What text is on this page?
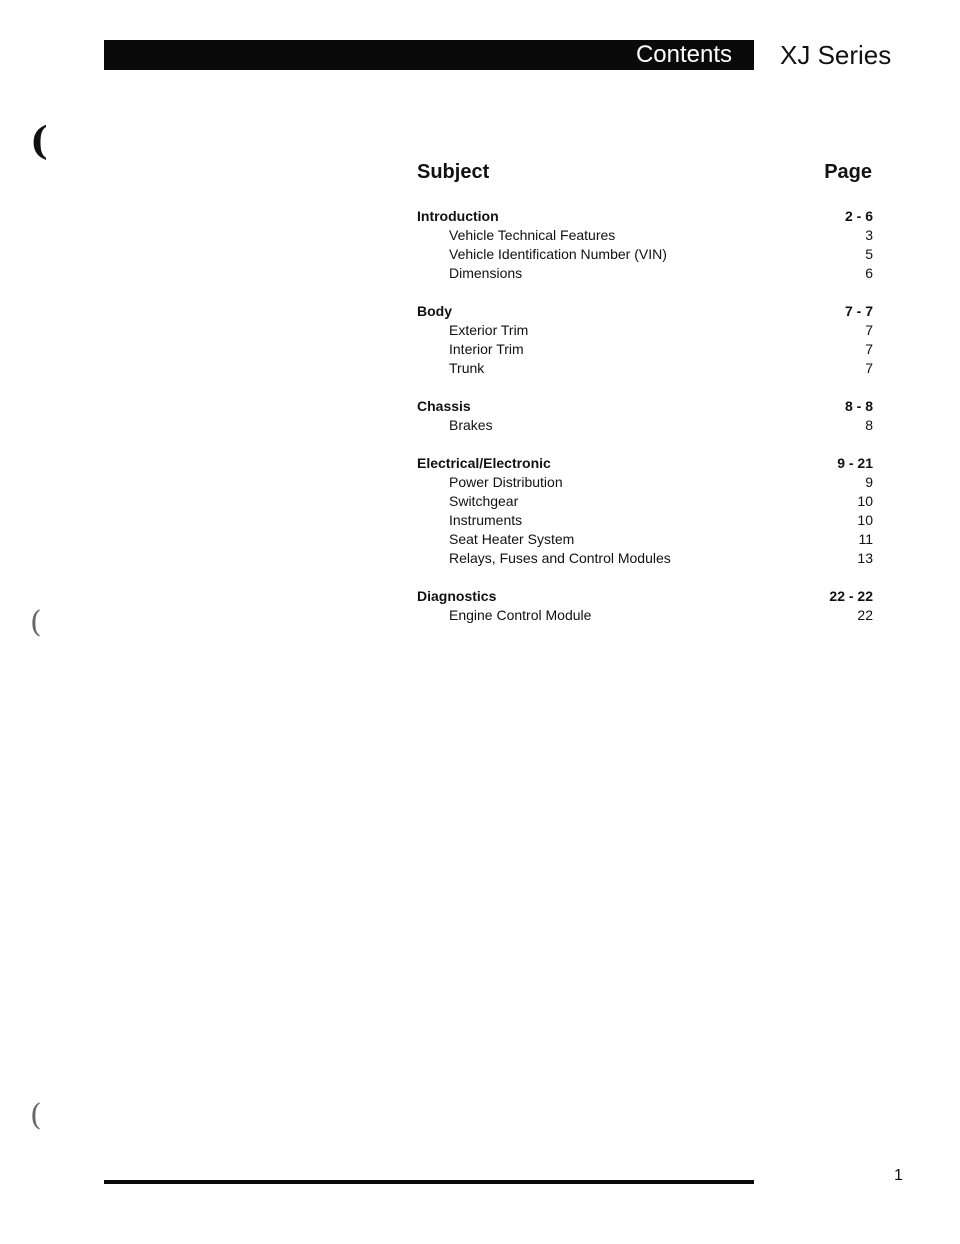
Contents	XJ Series
(
(
(
Subject	Page
Introduction	2 - 6
Vehicle Technical Features	3
Vehicle Identification Number (VIN)	5
Dimensions	6
Body	7 - 7
Exterior Trim	7
Interior Trim	7
Trunk	7
Chassis	8 - 8
Brakes	8
Electrical/Electronic	9 - 21
Power Distribution	9
Switchgear	10
Instruments	10
Seat Heater System	11
Relays, Fuses and Control Modules	13
Diagnostics	22 - 22
Engine Control Module	22
1
